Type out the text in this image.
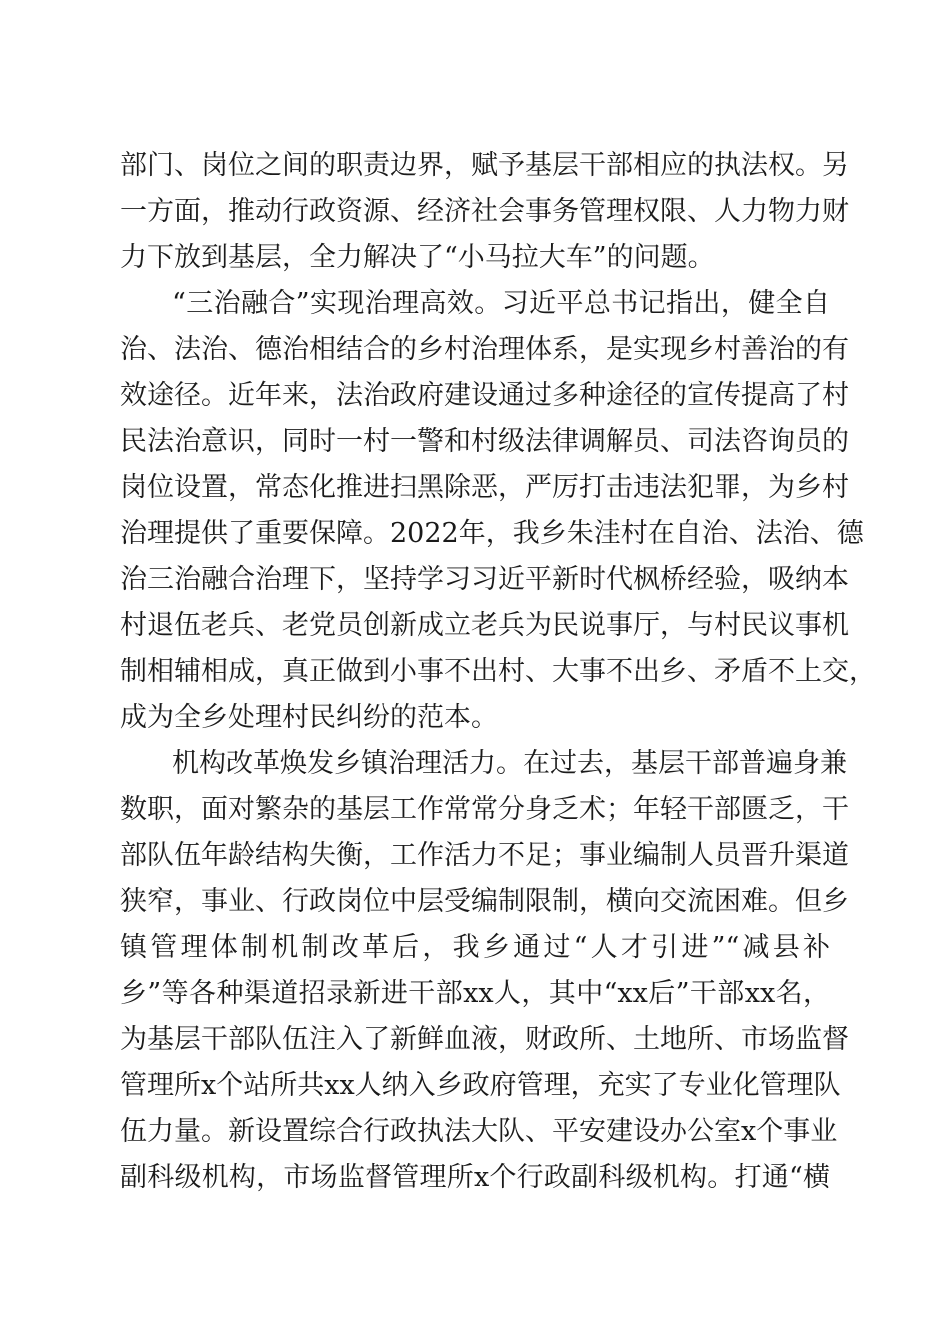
部门、岗位之间的职责边界，赋予基层干部相应的执法权。另
一方面，推动行政资源、经济社会事务管理权限、人力物力财
力下放到基层，全力解决了“小马拉大车”的问题。
“三治融合”实现治理高效。习近平总书记指出，健全自
治、法治、德治相结合的乡村治理体系，是实现乡村善治的有
效途径。近年来，法治政府建设通过多种途径的宣传提高了村
民法治意识，同时一村一警和村级法律调解员、司法咨询员的
岗位设置，常态化推进扫黑除恶，严厉打击违法犯罪，为乡村
治理提供了重要保障。2022年，我乡朱洼村在自治、法治、德
治三治融合治理下，坚持学习习近平新时代枫桥经验，吸纳本
村退伍老兵、老党员创新成立老兵为民说事厅，与村民议事机
制相辅相成，真正做到小事不出村、大事不出乡、矛盾不上交，
成为全乡处理村民纠纷的范本。
机构改革焕发乡镇治理活力。在过去，基层干部普遍身兼
数职，面对繁杂的基层工作常常分身乏术；年轻干部匮乏，干
部队伍年龄结构失衡，工作活力不足；事业编制人员晋升渠道
狭窄，事业、行政岗位中层受编制限制，横向交流困难。但乡
镇管理体制机制改革后，我乡通过“人才引进”“减县补
乡”等各种渠道招录新进干部xx人，其中“xx后”干部xx名，
为基层干部队伍注入了新鲜血液，财政所、土地所、市场监督
管理所x个站所共xx人纳入乡政府管理，充实了专业化管理队
伍力量。新设置综合行政执法大队、平安建设办公室x个事业
副科级机构，市场监督管理所x个行政副科级机构。打通“横
